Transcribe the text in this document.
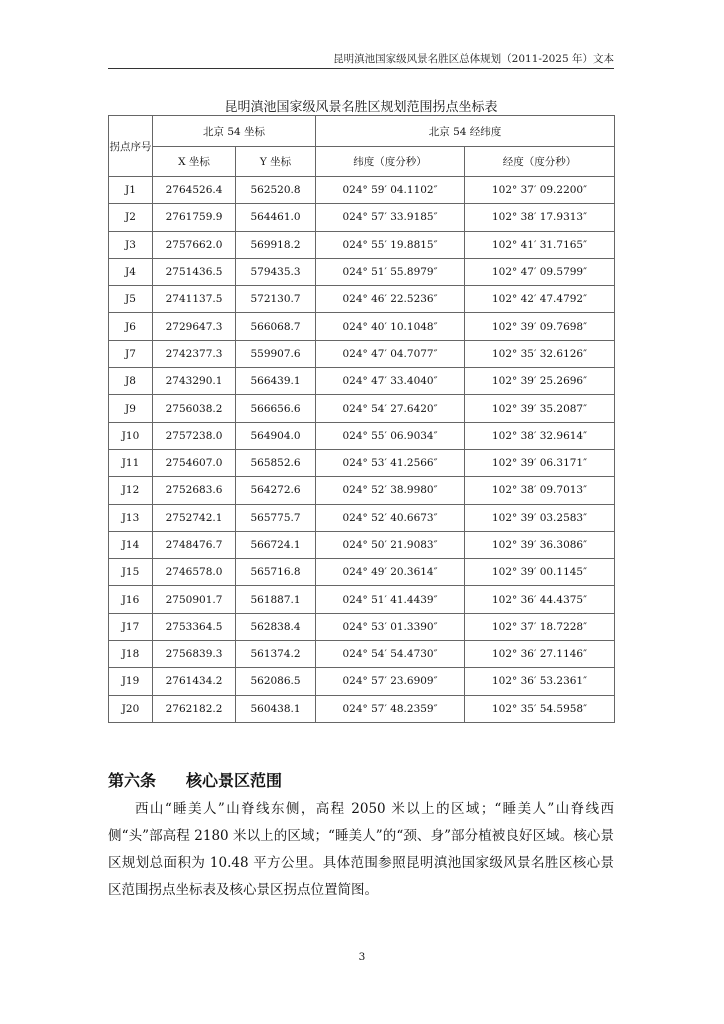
昆明滇池国家级风景名胜区总体规划（2011-2025 年）文本
昆明滇池国家级风景名胜区规划范围拐点坐标表
拐点序号	北京 54 坐标		北京 54 经纬度	
	X 坐标	Y 坐标	纬度（度分秒）	经度（度分秒）
J1	2764526.4	562520.8	024° 59′ 04.1102″	102° 37′ 09.2200″
J2	2761759.9	564461.0	024° 57′ 33.9185″	102° 38′ 17.9313″
J3	2757662.0	569918.2	024° 55′ 19.8815″	102° 41′ 31.7165″
J4	2751436.5	579435.3	024° 51′ 55.8979″	102° 47′ 09.5799″
J5	2741137.5	572130.7	024° 46′ 22.5236″	102° 42′ 47.4792″
J6	2729647.3	566068.7	024° 40′ 10.1048″	102° 39′ 09.7698″
J7	2742377.3	559907.6	024° 47′ 04.7077″	102° 35′ 32.6126″
J8	2743290.1	566439.1	024° 47′ 33.4040″	102° 39′ 25.2696″
J9	2756038.2	566656.6	024° 54′ 27.6420″	102° 39′ 35.2087″
J10	2757238.0	564904.0	024° 55′ 06.9034″	102° 38′ 32.9614″
J11	2754607.0	565852.6	024° 53′ 41.2566″	102° 39′ 06.3171″
J12	2752683.6	564272.6	024° 52′ 38.9980″	102° 38′ 09.7013″
J13	2752742.1	565775.7	024° 52′ 40.6673″	102° 39′ 03.2583″
J14	2748476.7	566724.1	024° 50′ 21.9083″	102° 39′ 36.3086″
J15	2746578.0	565716.8	024° 49′ 20.3614″	102° 39′ 00.1145″
J16	2750901.7	561887.1	024° 51′ 41.4439″	102° 36′ 44.4375″
J17	2753364.5	562838.4	024° 53′ 01.3390″	102° 37′ 18.7228″
J18	2756839.3	561374.2	024° 54′ 54.4730″	102° 36′ 27.1146″
J19	2761434.2	562086.5	024° 57′ 23.6909″	102° 36′ 53.2361″
J20	2762182.2	560438.1	024° 57′ 48.2359″	102° 35′ 54.5958″
第六条 核心景区范围

西山“睡美人”山脊线东侧，高程 2050 米以上的区域；“睡美人”山脊线西侧“头”部高程 2180 米以上的区域；“睡美人”的“颈、身”部分植被良好区域。核心景区规划总面积为 10.48 平方公里。具体范围参照昆明滇池国家级风景名胜区核心景区范围拐点坐标表及核心景区拐点位置简图。

3
